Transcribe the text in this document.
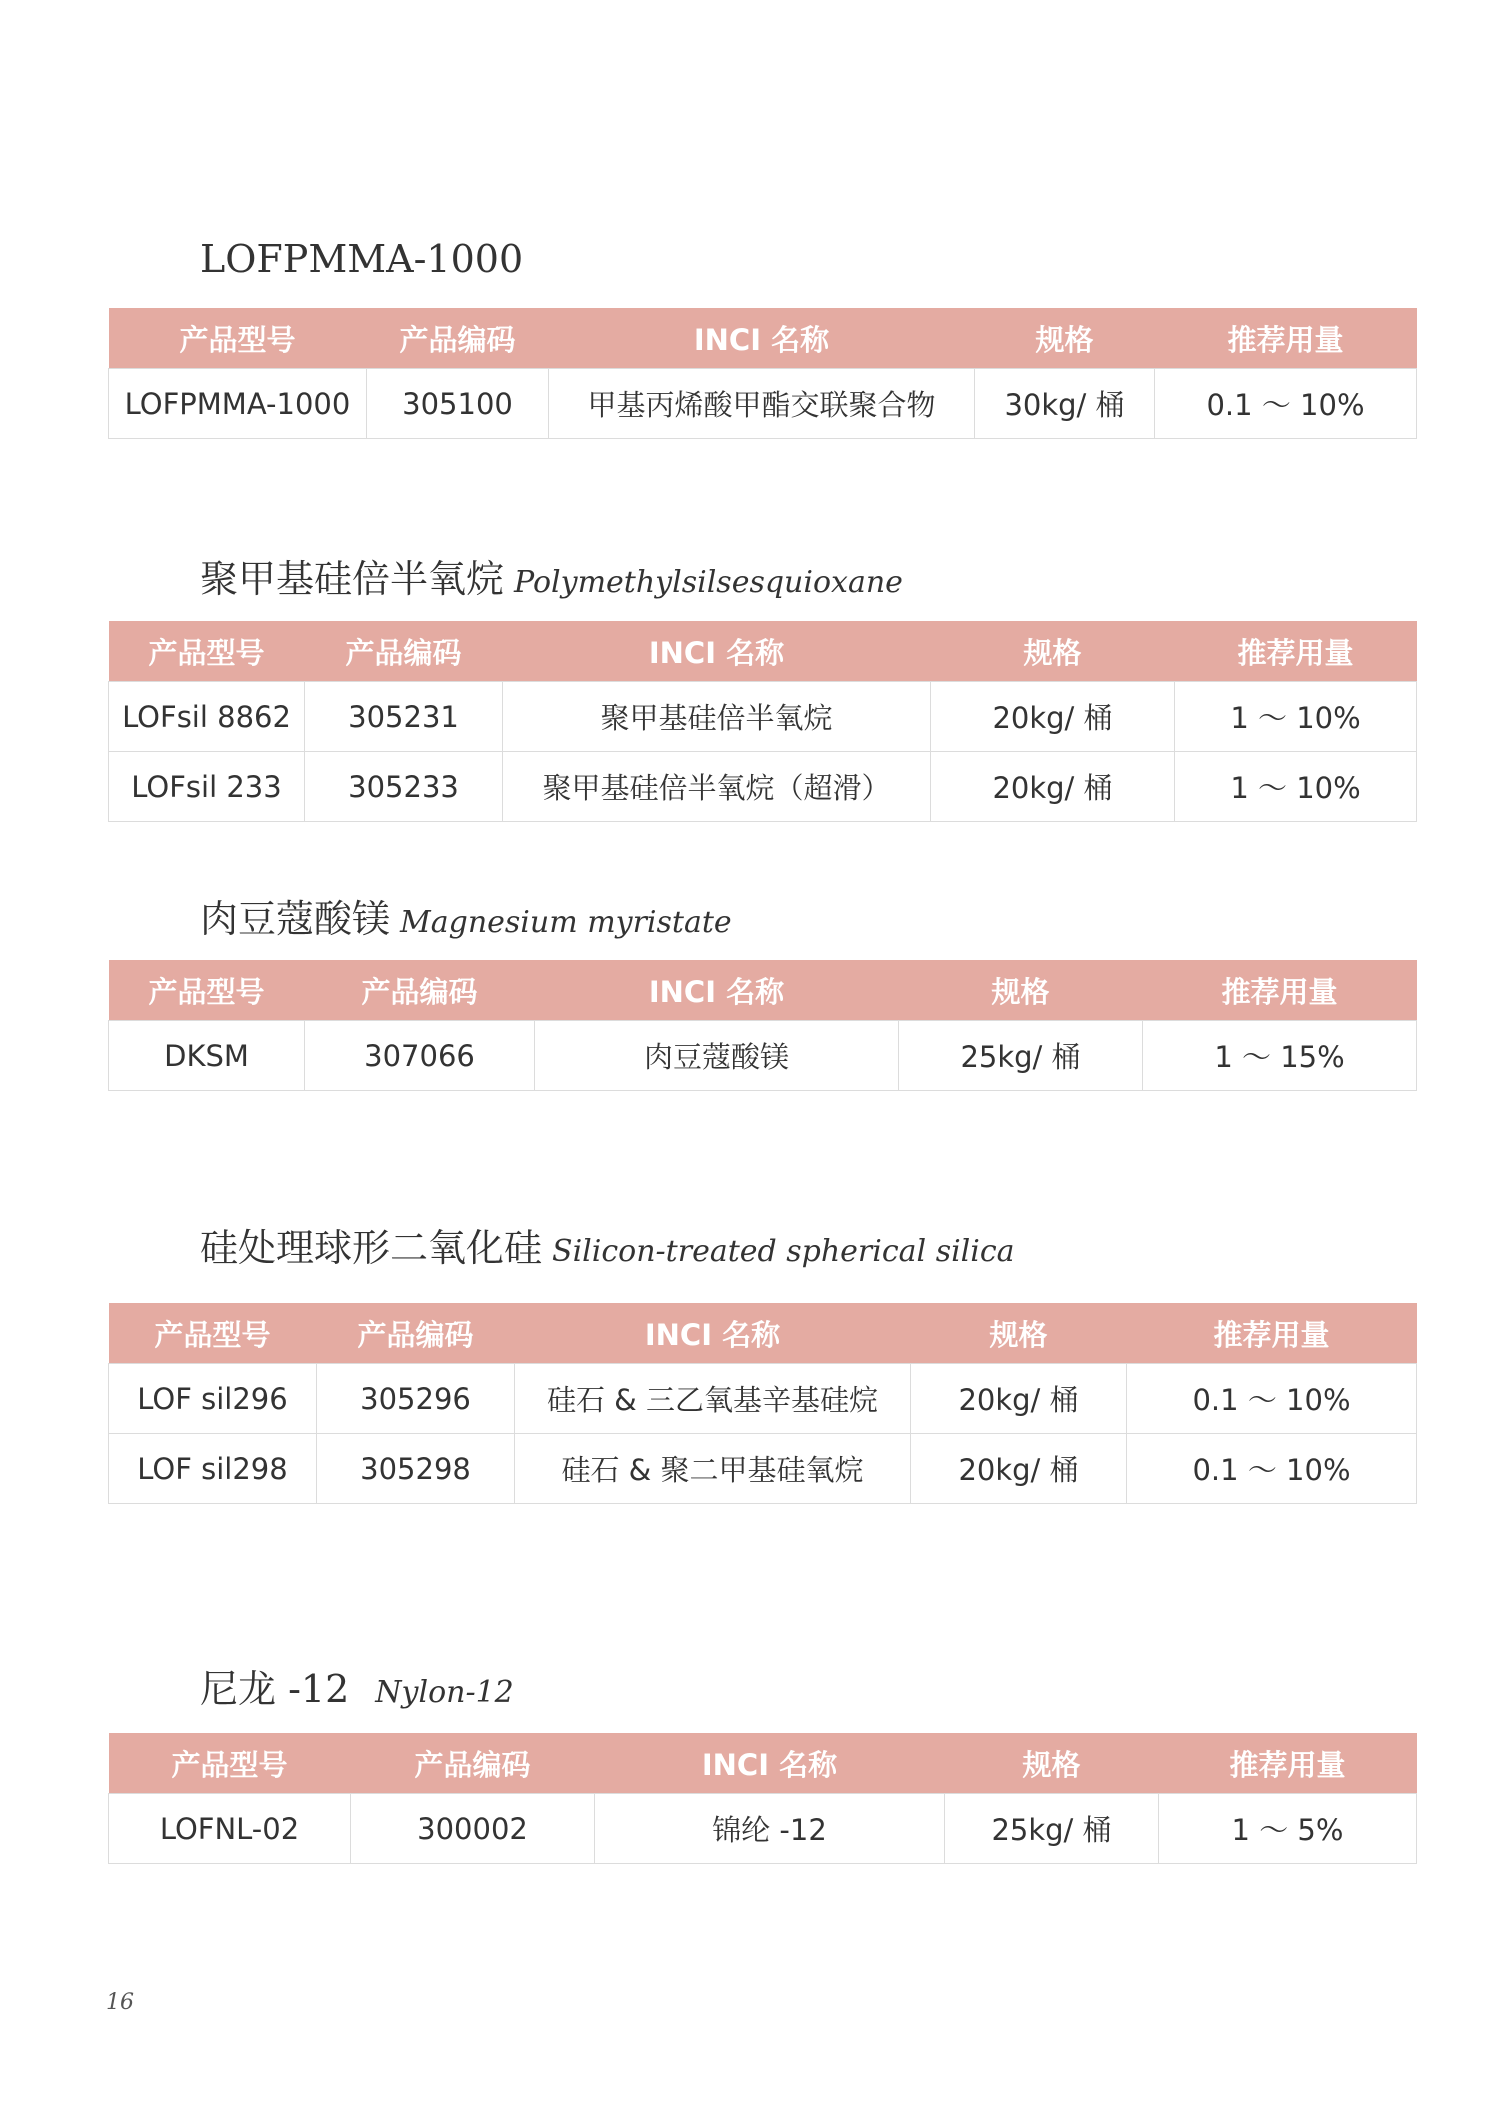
LOFPMMA-1000
产品型号	产品编码	INCI 名称	规格	推荐用量
LOFPMMA-1000	305100	甲基丙烯酸甲酯交联聚合物	30kg/ 桶	0.1 ～ 10%
聚甲基硅倍半氧烷 Polymethylsilsesquioxane
产品型号	产品编码	INCI 名称	规格	推荐用量
LOFsil 8862	305231	聚甲基硅倍半氧烷	20kg/ 桶	1 ～ 10%
LOFsil 233	305233	聚甲基硅倍半氧烷（超滑）	20kg/ 桶	1 ～ 10%
肉豆蔻酸镁 Magnesium myristate
产品型号	产品编码	INCI 名称	规格	推荐用量
DKSM	307066	肉豆蔻酸镁	25kg/ 桶	1 ～ 15%
硅处理球形二氧化硅 Silicon-treated spherical silica
产品型号	产品编码	INCI 名称	规格	推荐用量
LOF sil296	305296	硅石 & 三乙氧基辛基硅烷	20kg/ 桶	0.1 ～ 10%
LOF sil298	305298	硅石 & 聚二甲基硅氧烷	20kg/ 桶	0.1 ～ 10%
尼龙 -12 Nylon-12
产品型号	产品编码	INCI 名称	规格	推荐用量
LOFNL-02	300002	锦纶 -12	25kg/ 桶	1 ～ 5%
16
